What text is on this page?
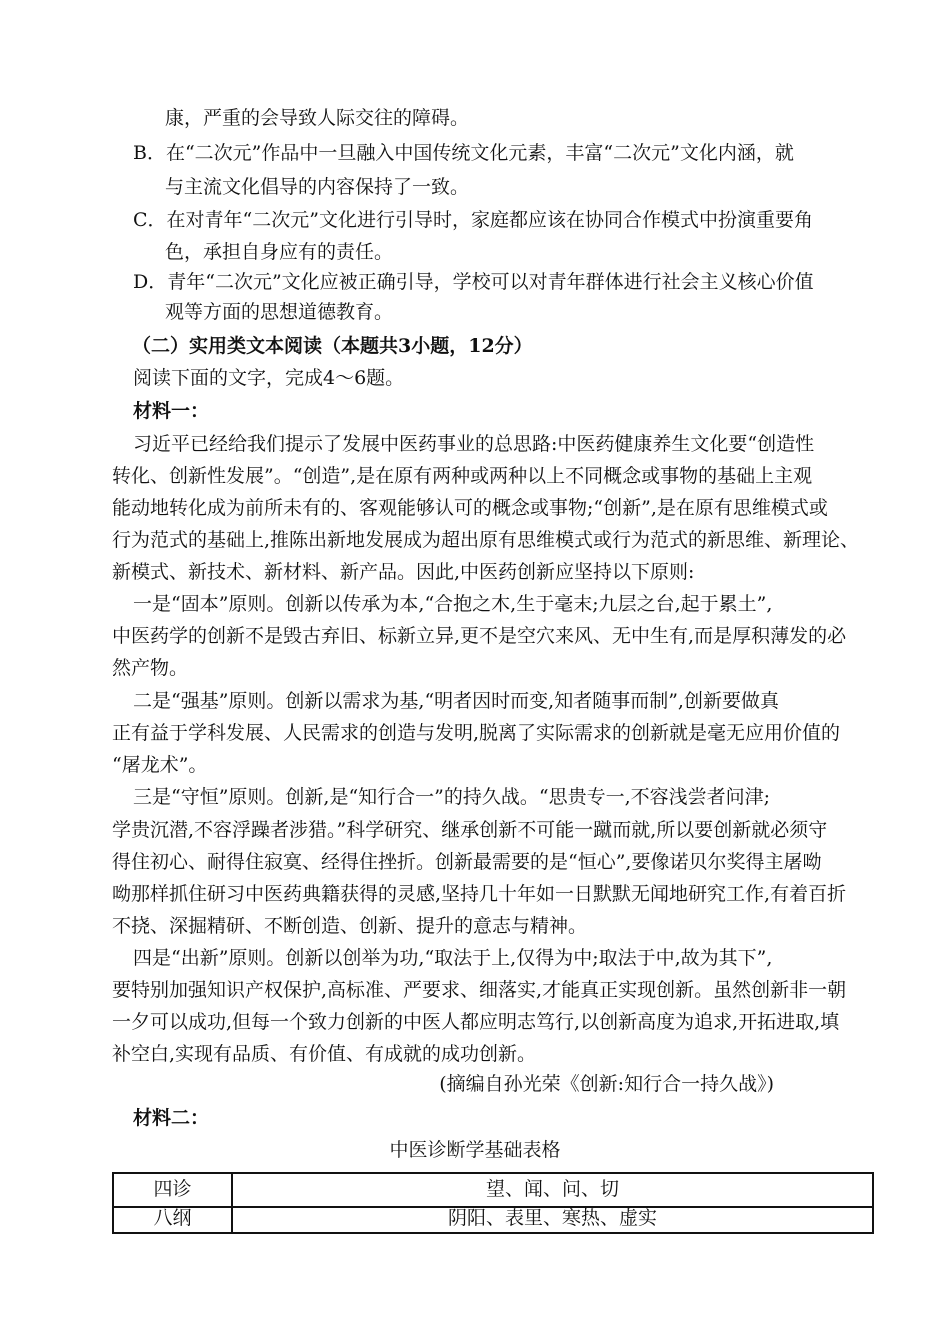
康，严重的会导致人际交往的障碍。
B．在“二次元”作品中一旦融入中国传统文化元素，丰富“二次元”文化内涵，就
与主流文化倡导的内容保持了一致。
C．在对青年“二次元”文化进行引导时，家庭都应该在协同合作模式中扮演重要角
色，承担自身应有的责任。
D．青年“二次元”文化应被正确引导，学校可以对青年群体进行社会主义核心价值
观等方面的思想道德教育。
（二）实用类文本阅读（本题共3小题，12分）
阅读下面的文字，完成4～6题。
材料一：
习近平已经给我们提示了发展中医药事业的总思路:中医药健康养生文化要“创造性
转化、创新性发展”。“创造”,是在原有两种或两种以上不同概念或事物的基础上主观
能动地转化成为前所未有的、客观能够认可的概念或事物;“创新”,是在原有思维模式或
行为范式的基础上,推陈出新地发展成为超出原有思维模式或行为范式的新思维、新理论、
新模式、新技术、新材料、新产品。因此,中医药创新应坚持以下原则:
一是“固本”原则。创新以传承为本,“合抱之木,生于毫末;九层之台,起于累土”,
中医药学的创新不是毁古弃旧、标新立异,更不是空穴来风、无中生有,而是厚积薄发的必
然产物。
二是“强基”原则。创新以需求为基,“明者因时而变,知者随事而制”,创新要做真
正有益于学科发展、人民需求的创造与发明,脱离了实际需求的创新就是毫无应用价值的
“屠龙术”。
三是“守恒”原则。创新,是“知行合一”的持久战。“思贵专一,不容浅尝者问津;
学贵沉潜,不容浮躁者涉猎。”科学研究、继承创新不可能一蹴而就,所以要创新就必须守
得住初心、耐得住寂寞、经得住挫折。创新最需要的是“恒心”,要像诺贝尔奖得主屠呦
呦那样抓住研习中医药典籍获得的灵感,坚持几十年如一日默默无闻地研究工作,有着百折
不挠、深掘精研、不断创造、创新、提升的意志与精神。
四是“出新”原则。创新以创举为功,“取法于上,仅得为中;取法于中,故为其下”,
要特别加强知识产权保护,高标准、严要求、细落实,才能真正实现创新。虽然创新非一朝
一夕可以成功,但每一个致力创新的中医人都应明志笃行,以创新高度为追求,开拓进取,填
补空白,实现有品质、有价值、有成就的成功创新。
(摘编自孙光荣《创新:知行合一持久战》)
材料二：
中医诊断学基础表格
四诊	望、闻、问、切
八纲	阴阳、表里、寒热、虚实
